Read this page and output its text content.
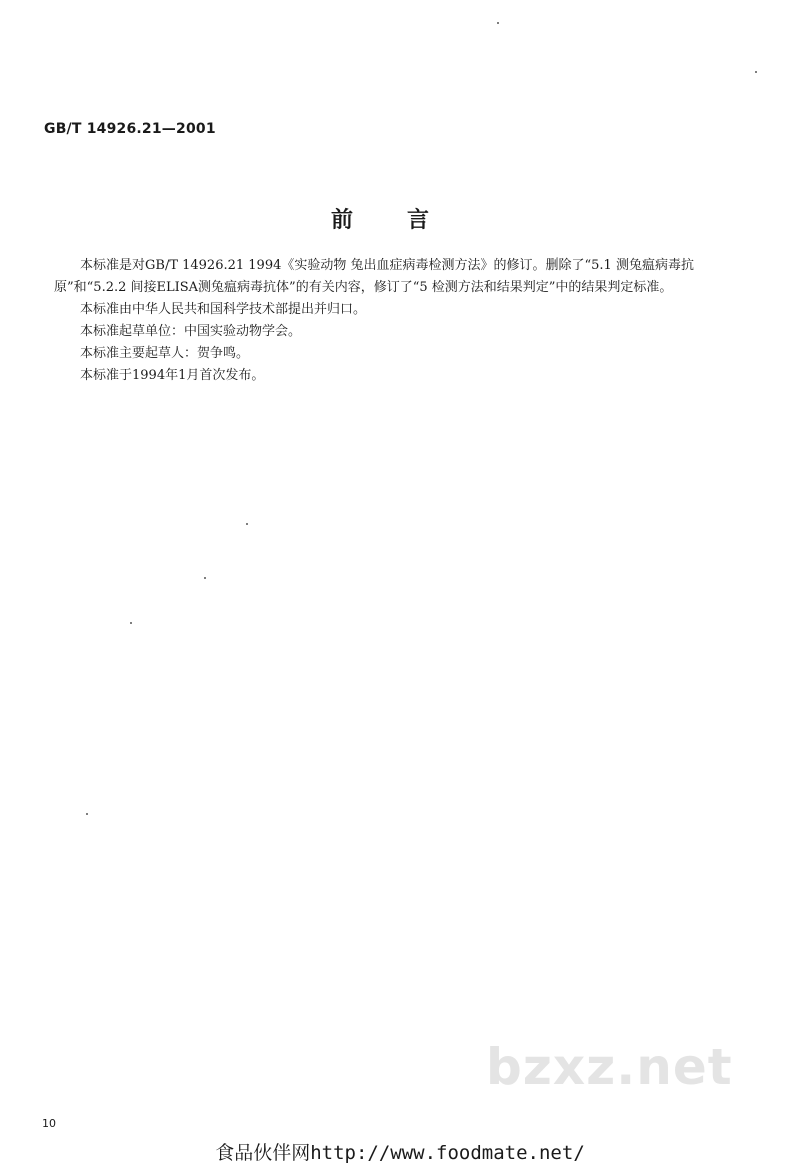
GB/T 14926.21—2001
前言

本标准是对GB/T 14926.21 1994《实验动物 兔出血症病毒检测方法》的修订。删除了“5.1 测兔瘟病毒抗原”和“5.2.2 间接ELISA测兔瘟病毒抗体”的有关内容，修订了“5 检测方法和结果判定”中的结果判定标准。

本标准由中华人民共和国科学技术部提出并归口。

本标准起草单位：中国实验动物学会。

本标准主要起草人：贺争鸣。

本标准于1994年1月首次发布。

bzxz.net
10
食品伙伴网http://www.foodmate.net/
